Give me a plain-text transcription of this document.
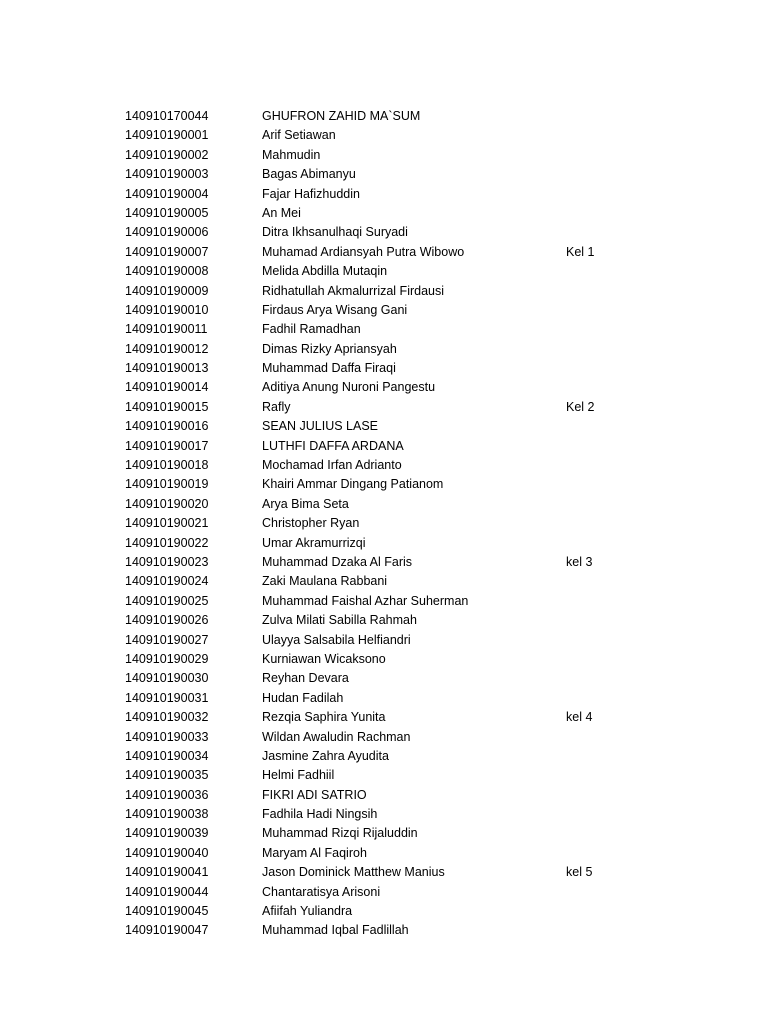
140910170044	GHUFRON ZAHID MA`SUM
140910190001	Arif Setiawan
140910190002	Mahmudin
140910190003	Bagas Abimanyu
140910190004	Fajar Hafizhuddin
140910190005	An Mei
140910190006	Ditra Ikhsanulhaqi Suryadi
140910190007	Muhamad Ardiansyah Putra Wibowo	Kel 1
140910190008	Melida Abdilla Mutaqin
140910190009	Ridhatullah Akmalurrizal Firdausi
140910190010	Firdaus Arya Wisang Gani
140910190011	Fadhil Ramadhan
140910190012	Dimas Rizky Apriansyah
140910190013	Muhammad Daffa Firaqi
140910190014	Aditiya Anung Nuroni Pangestu
140910190015	Rafly	Kel 2
140910190016	SEAN JULIUS LASE
140910190017	LUTHFI DAFFA ARDANA
140910190018	Mochamad Irfan Adrianto
140910190019	Khairi Ammar Dingang Patianom
140910190020	Arya Bima Seta
140910190021	Christopher Ryan
140910190022	Umar Akramurrizqi
140910190023	Muhammad Dzaka Al Faris	kel 3
140910190024	Zaki Maulana Rabbani
140910190025	Muhammad Faishal Azhar Suherman
140910190026	Zulva Milati Sabilla Rahmah
140910190027	Ulayya Salsabila Helfiandri
140910190029	Kurniawan Wicaksono
140910190030	Reyhan Devara
140910190031	Hudan Fadilah
140910190032	Rezqia Saphira Yunita	kel 4
140910190033	Wildan Awaludin Rachman
140910190034	Jasmine Zahra Ayudita
140910190035	Helmi Fadhiil
140910190036	FIKRI ADI SATRIO
140910190038	Fadhila Hadi Ningsih
140910190039	Muhammad Rizqi Rijaluddin
140910190040	Maryam Al Faqiroh
140910190041	Jason Dominick Matthew Manius	kel 5
140910190044	Chantaratisya Arisoni
140910190045	Afiifah Yuliandra
140910190047	Muhammad Iqbal Fadlillah
